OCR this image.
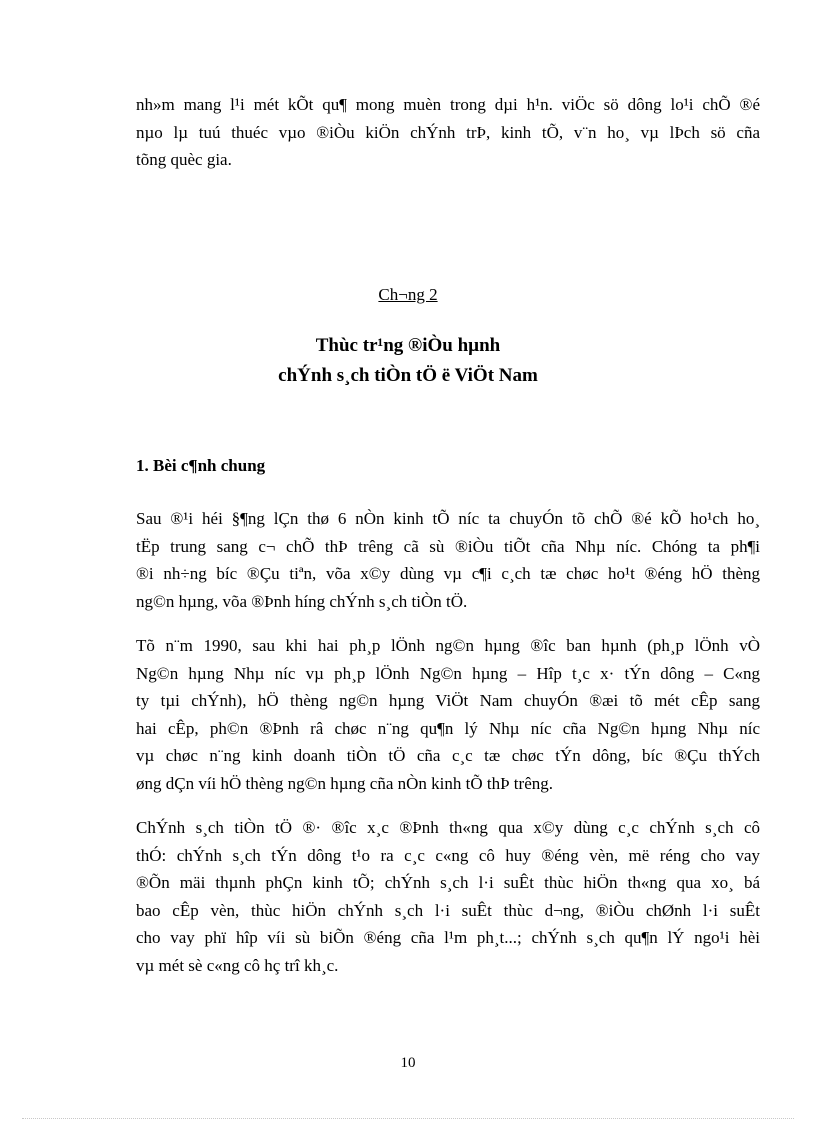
nh»m mang l¹i mét kÕt qu¶ mong muèn trong dµi h¹n. viÖc sö dông lo¹i chÕ ®é
nµo lµ tuú thuéc vµo ®iÒu kiÖn chÝnh trÞ, kinh tÕ, v¨n ho¸ vµ lÞch sö cña
tõng quèc gia.
Ch¬ng 2
Thùc tr¹ng ®iÒu hµnh
chÝnh s¸ch tiÒn tÖ ë ViÖt Nam
1. Bèi c¶nh chung
Sau ®¹i héi §¶ng lÇn thø 6 nÒn kinh tÕ níc ta chuyÓn tõ chÕ ®é kÕ ho¹ch ho¸
tËp trung sang c¬ chÕ thÞ trêng cã sù ®iÒu tiÕt cña Nhµ níc. Chóng ta ph¶i
®i nh÷ng bíc ®Çu tiªn, võa x©y dùng vµ c¶i c¸ch tæ chøc ho¹t ®éng hÖ thèng
ng©n hµng, võa ®Þnh híng chÝnh s¸ch tiÒn tÖ.
Tõ n¨m 1990, sau khi hai ph¸p lÖnh ng©n hµng ®îc ban hµnh (ph¸p lÖnh vÒ
Ng©n hµng Nhµ níc vµ ph¸p lÖnh Ng©n hµng – Hîp t¸c x· tÝn dông – C«ng
ty tµi chÝnh), hÖ thèng ng©n hµng ViÖt Nam chuyÓn ®æi tõ mét cÊp sang
hai cÊp, ph©n ®Þnh râ chøc n¨ng qu¶n lý Nhµ níc cña Ng©n hµng Nhµ níc
vµ chøc n¨ng kinh doanh tiÒn tÖ cña c¸c tæ chøc tÝn dông, bíc ®Çu thÝch
øng dÇn víi hÖ thèng ng©n hµng cña nÒn kinh tÕ thÞ trêng.
ChÝnh s¸ch tiÒn tÖ ®· ®îc x¸c ®Þnh th«ng qua x©y dùng c¸c chÝnh s¸ch cô
thÓ: chÝnh s¸ch tÝn dông t¹o ra c¸c c«ng cô huy ®éng vèn, më réng cho vay
®Õn mäi thµnh phÇn kinh tÕ; chÝnh s¸ch l·i suÊt thùc hiÖn th«ng qua xo¸ bá
bao cÊp vèn, thùc hiÖn chÝnh s¸ch l·i suÊt thùc d¬ng, ®iÒu chØnh l·i suÊt
cho vay phï hîp víi sù biÕn ®éng cña l¹m ph¸t...; chÝnh s¸ch qu¶n lÝ ngo¹i hèi
vµ mét sè c«ng cô hç trî kh¸c.
10
